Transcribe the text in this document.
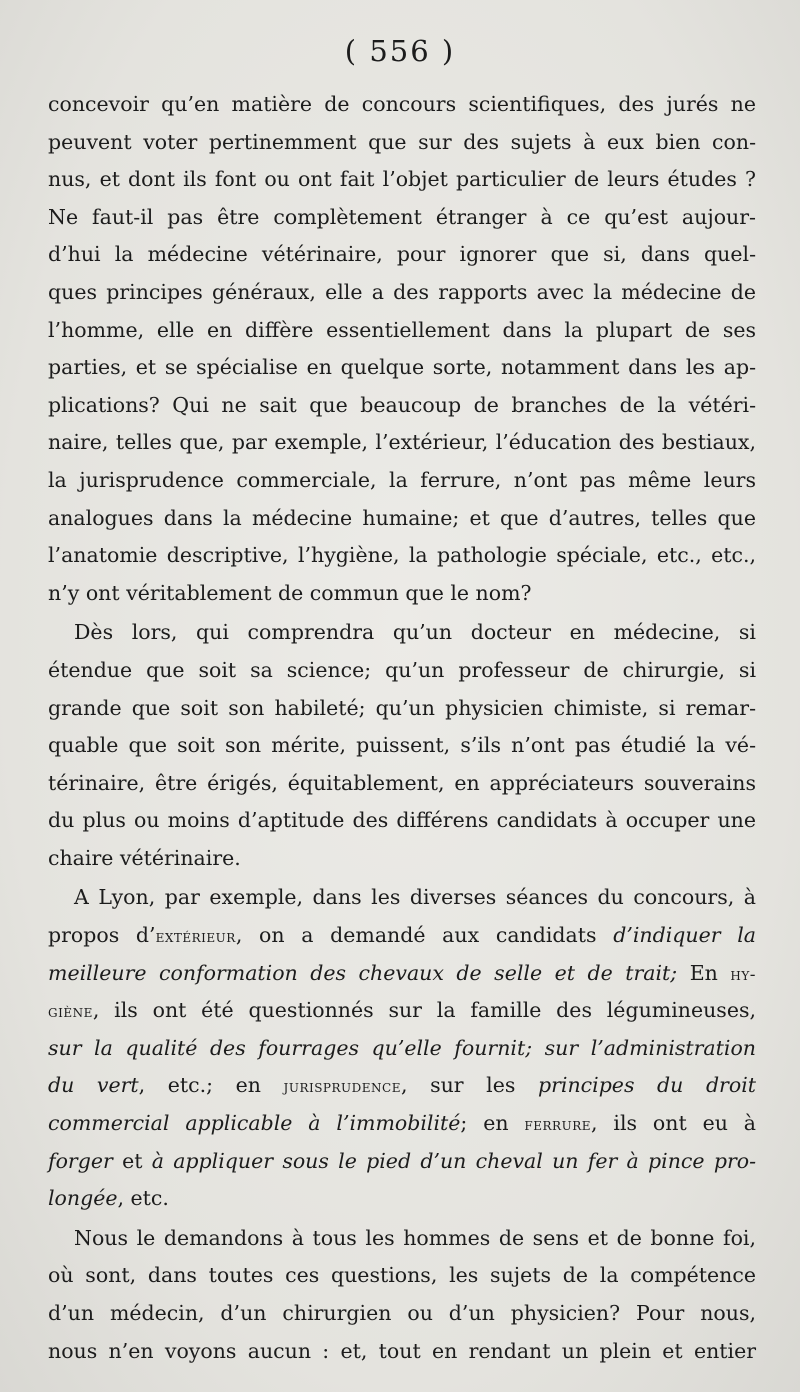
( 556 )
concevoir qu’en matière de concours scientifiques, des jurés ne
peuvent voter pertinemment que sur des sujets à eux bien con-
nus, et dont ils font ou ont fait l’objet particulier de leurs études ?
Ne faut-il pas être complètement étranger à ce qu’est aujour-
d’hui la médecine vétérinaire, pour ignorer que si, dans quel-
ques principes généraux, elle a des rapports avec la médecine de
l’homme, elle en diffère essentiellement dans la plupart de ses
parties, et se spécialise en quelque sorte, notamment dans les ap-
plications? Qui ne sait que beaucoup de branches de la vétéri-
naire, telles que, par exemple, l’extérieur, l’éducation des bestiaux,
la jurisprudence commerciale, la ferrure, n’ont pas même leurs
analogues dans la médecine humaine; et que d’autres, telles que
l’anatomie descriptive, l’hygiène, la pathologie spéciale, etc., etc.,
n’y ont véritablement de commun que le nom?
Dès lors, qui comprendra qu’un docteur en médecine, si
étendue que soit sa science; qu’un professeur de chirurgie, si
grande que soit son habileté; qu’un physicien chimiste, si remar-
quable que soit son mérite, puissent, s’ils n’ont pas étudié la vé-
térinaire, être érigés, équitablement, en appréciateurs souverains
du plus ou moins d’aptitude des différens candidats à occuper une
chaire vétérinaire.
A Lyon, par exemple, dans les diverses séances du concours, à
propos d’extérieur, on a demandé aux candidats d’indiquer la
meilleure conformation des chevaux de selle et de trait; En hy-
giène, ils ont été questionnés sur la famille des légumineuses,
sur la qualité des fourrages qu’elle fournit; sur l’administration
du vert, etc.; en jurisprudence, sur les principes du droit
commercial applicable à l’immobilité; en ferrure, ils ont eu à
forger et à appliquer sous le pied d’un cheval un fer à pince pro-
longée, etc.
Nous le demandons à tous les hommes de sens et de bonne foi,
où sont, dans toutes ces questions, les sujets de la compétence
d’un médecin, d’un chirurgien ou d’un physicien? Pour nous,
nous n’en voyons aucun : et, tout en rendant un plein et entier
